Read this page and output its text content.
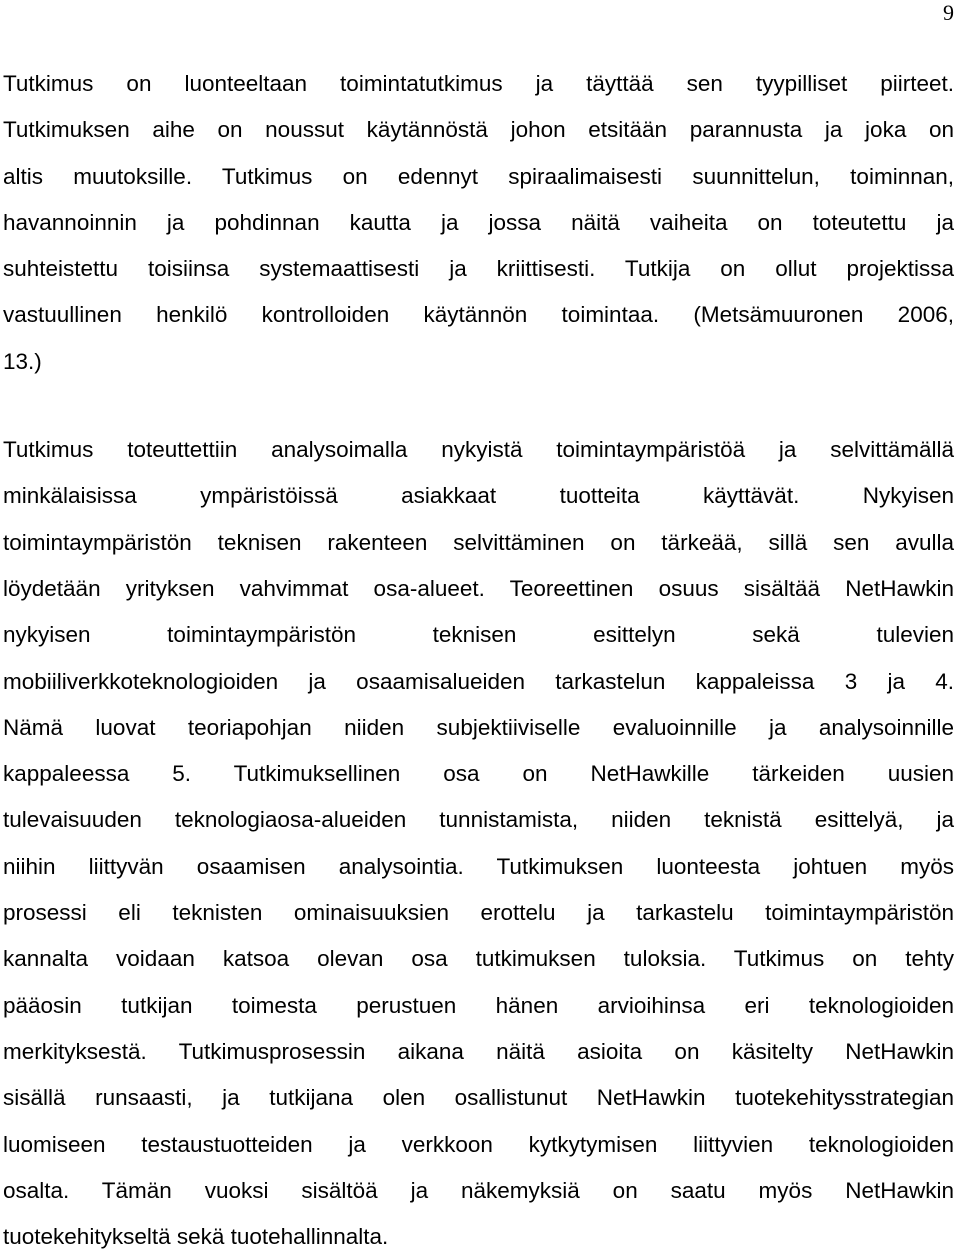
9
Tutkimus on luonteeltaan toimintatutkimus ja täyttää sen tyypilliset piirteet.
Tutkimuksen aihe on noussut käytännöstä johon etsitään parannusta ja joka on
altis muutoksille. Tutkimus on edennyt spiraalimaisesti suunnittelun, toiminnan,
havannoinnin ja pohdinnan kautta ja jossa näitä vaiheita on toteutettu ja
suhteistettu toisiinsa systemaattisesti ja kriittisesti. Tutkija on ollut projektissa
vastuullinen henkilö kontrolloiden käytännön toimintaa. (Metsämuuronen 2006,
13.)
Tutkimus toteuttettiin analysoimalla nykyistä toimintaympäristöä ja selvittämällä
minkälaisissa ympäristöissä asiakkaat tuotteita käyttävät. Nykyisen
toimintaympäristön teknisen rakenteen selvittäminen on tärkeää, sillä sen avulla
löydetään yrityksen vahvimmat osa-alueet. Teoreettinen osuus sisältää NetHawkin
nykyisen toimintaympäristön teknisen esittelyn sekä tulevien
mobiiliverkkoteknologioiden ja osaamisalueiden tarkastelun kappaleissa 3 ja 4.
Nämä luovat teoriapohjan niiden subjektiiviselle evaluoinnille ja analysoinnille
kappaleessa 5. Tutkimuksellinen osa on NetHawkille tärkeiden uusien
tulevaisuuden teknologiaosa-alueiden tunnistamista, niiden teknistä esittelyä, ja
niihin liittyvän osaamisen analysointia. Tutkimuksen luonteesta johtuen myös
prosessi eli teknisten ominaisuuksien erottelu ja tarkastelu toimintaympäristön
kannalta voidaan katsoa olevan osa tutkimuksen tuloksia. Tutkimus on tehty
pääosin tutkijan toimesta perustuen hänen arvioihinsa eri teknologioiden
merkityksestä. Tutkimusprosessin aikana näitä asioita on käsitelty NetHawkin
sisällä runsaasti, ja tutkijana olen osallistunut NetHawkin tuotekehitysstrategian
luomiseen testaustuotteiden ja verkkoon kytkytymisen liittyvien teknologioiden
osalta. Tämän vuoksi sisältöä ja näkemyksiä on saatu myös NetHawkin
tuotekehitykseltä sekä tuotehallinnalta.
